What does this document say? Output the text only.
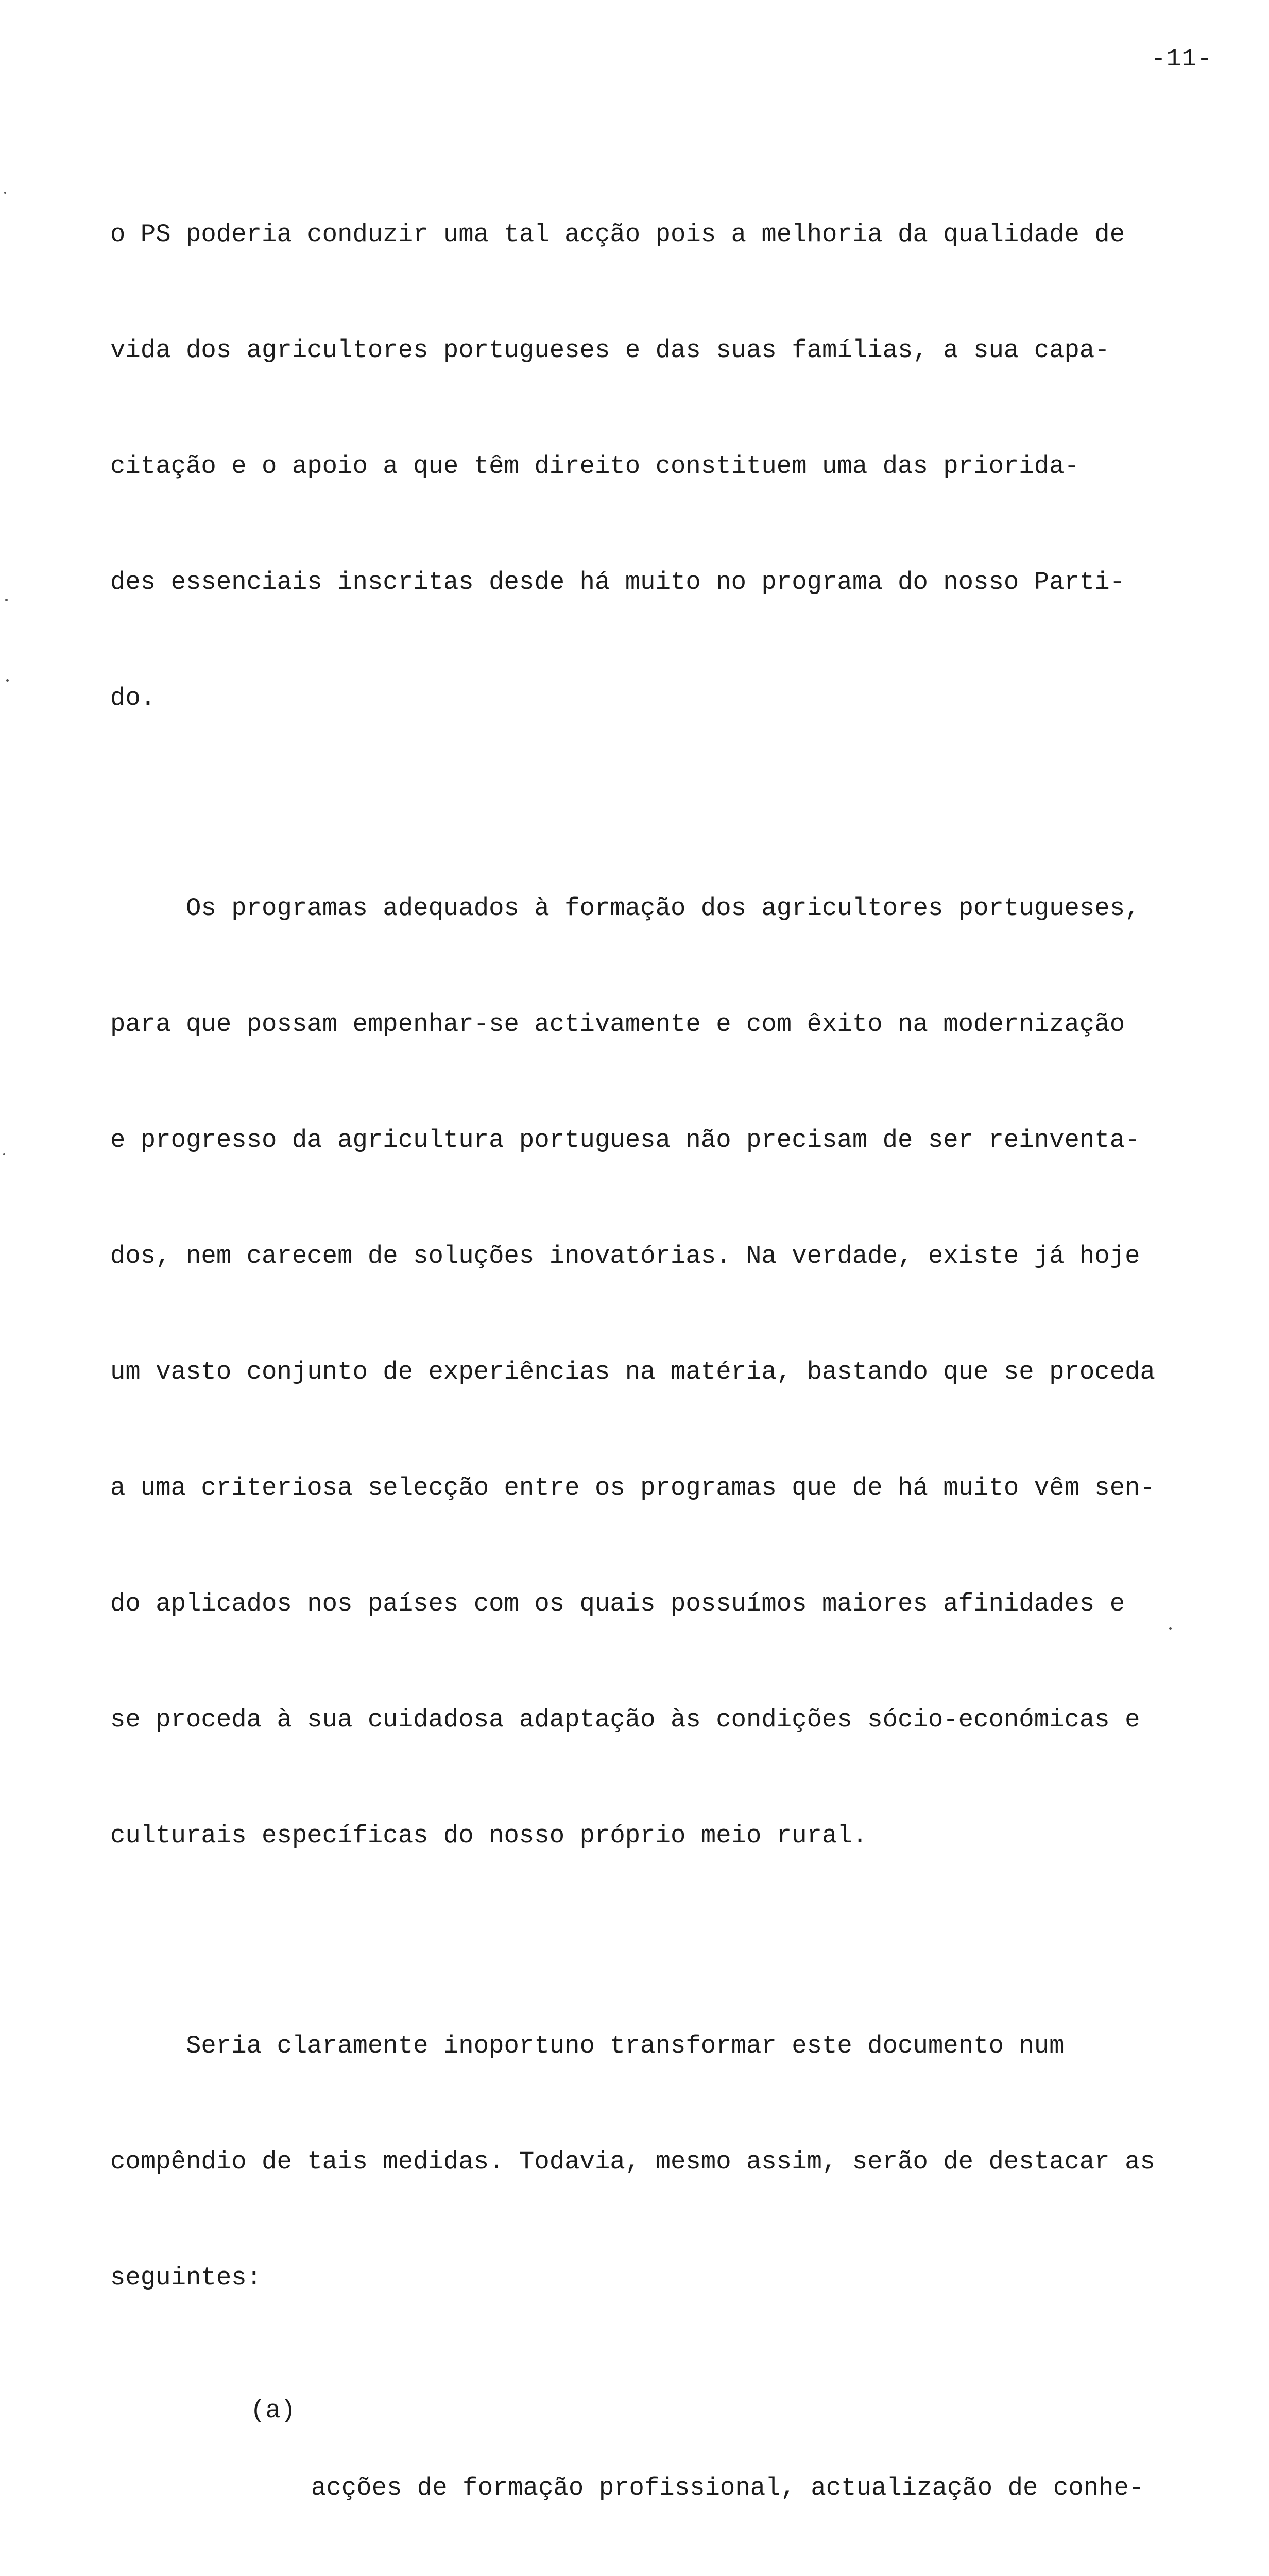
-11-

o PS poderia conduzir uma tal acção pois a melhoria da qualidade de

vida dos agricultores portugueses e das suas famílias, a sua capa-

citação e o apoio a que têm direito constituem uma das priorida-

des essenciais inscritas desde há muito no programa do nosso Parti-

do.

Os programas adequados à formação dos agricultores portugueses,

para que possam empenhar-se activamente e com êxito na modernização

e progresso da agricultura portuguesa não precisam de ser reinventa-

dos, nem carecem de soluções inovatórias. Na verdade, existe já hoje

um vasto conjunto de experiências na matéria, bastando que se proceda

a uma criteriosa selecção entre os programas que de há muito vêm sen-

do aplicados nos países com os quais possuímos maiores afinidades e

se proceda à sua cuidadosa adaptação às condições sócio-económicas e

culturais específicas do nosso próprio meio rural.

Seria claramente inoportuno transformar este documento num

compêndio de tais medidas. Todavia, mesmo assim, serão de destacar as

seguintes:

(a)

acções de formação profissional, actualização de conhe-
